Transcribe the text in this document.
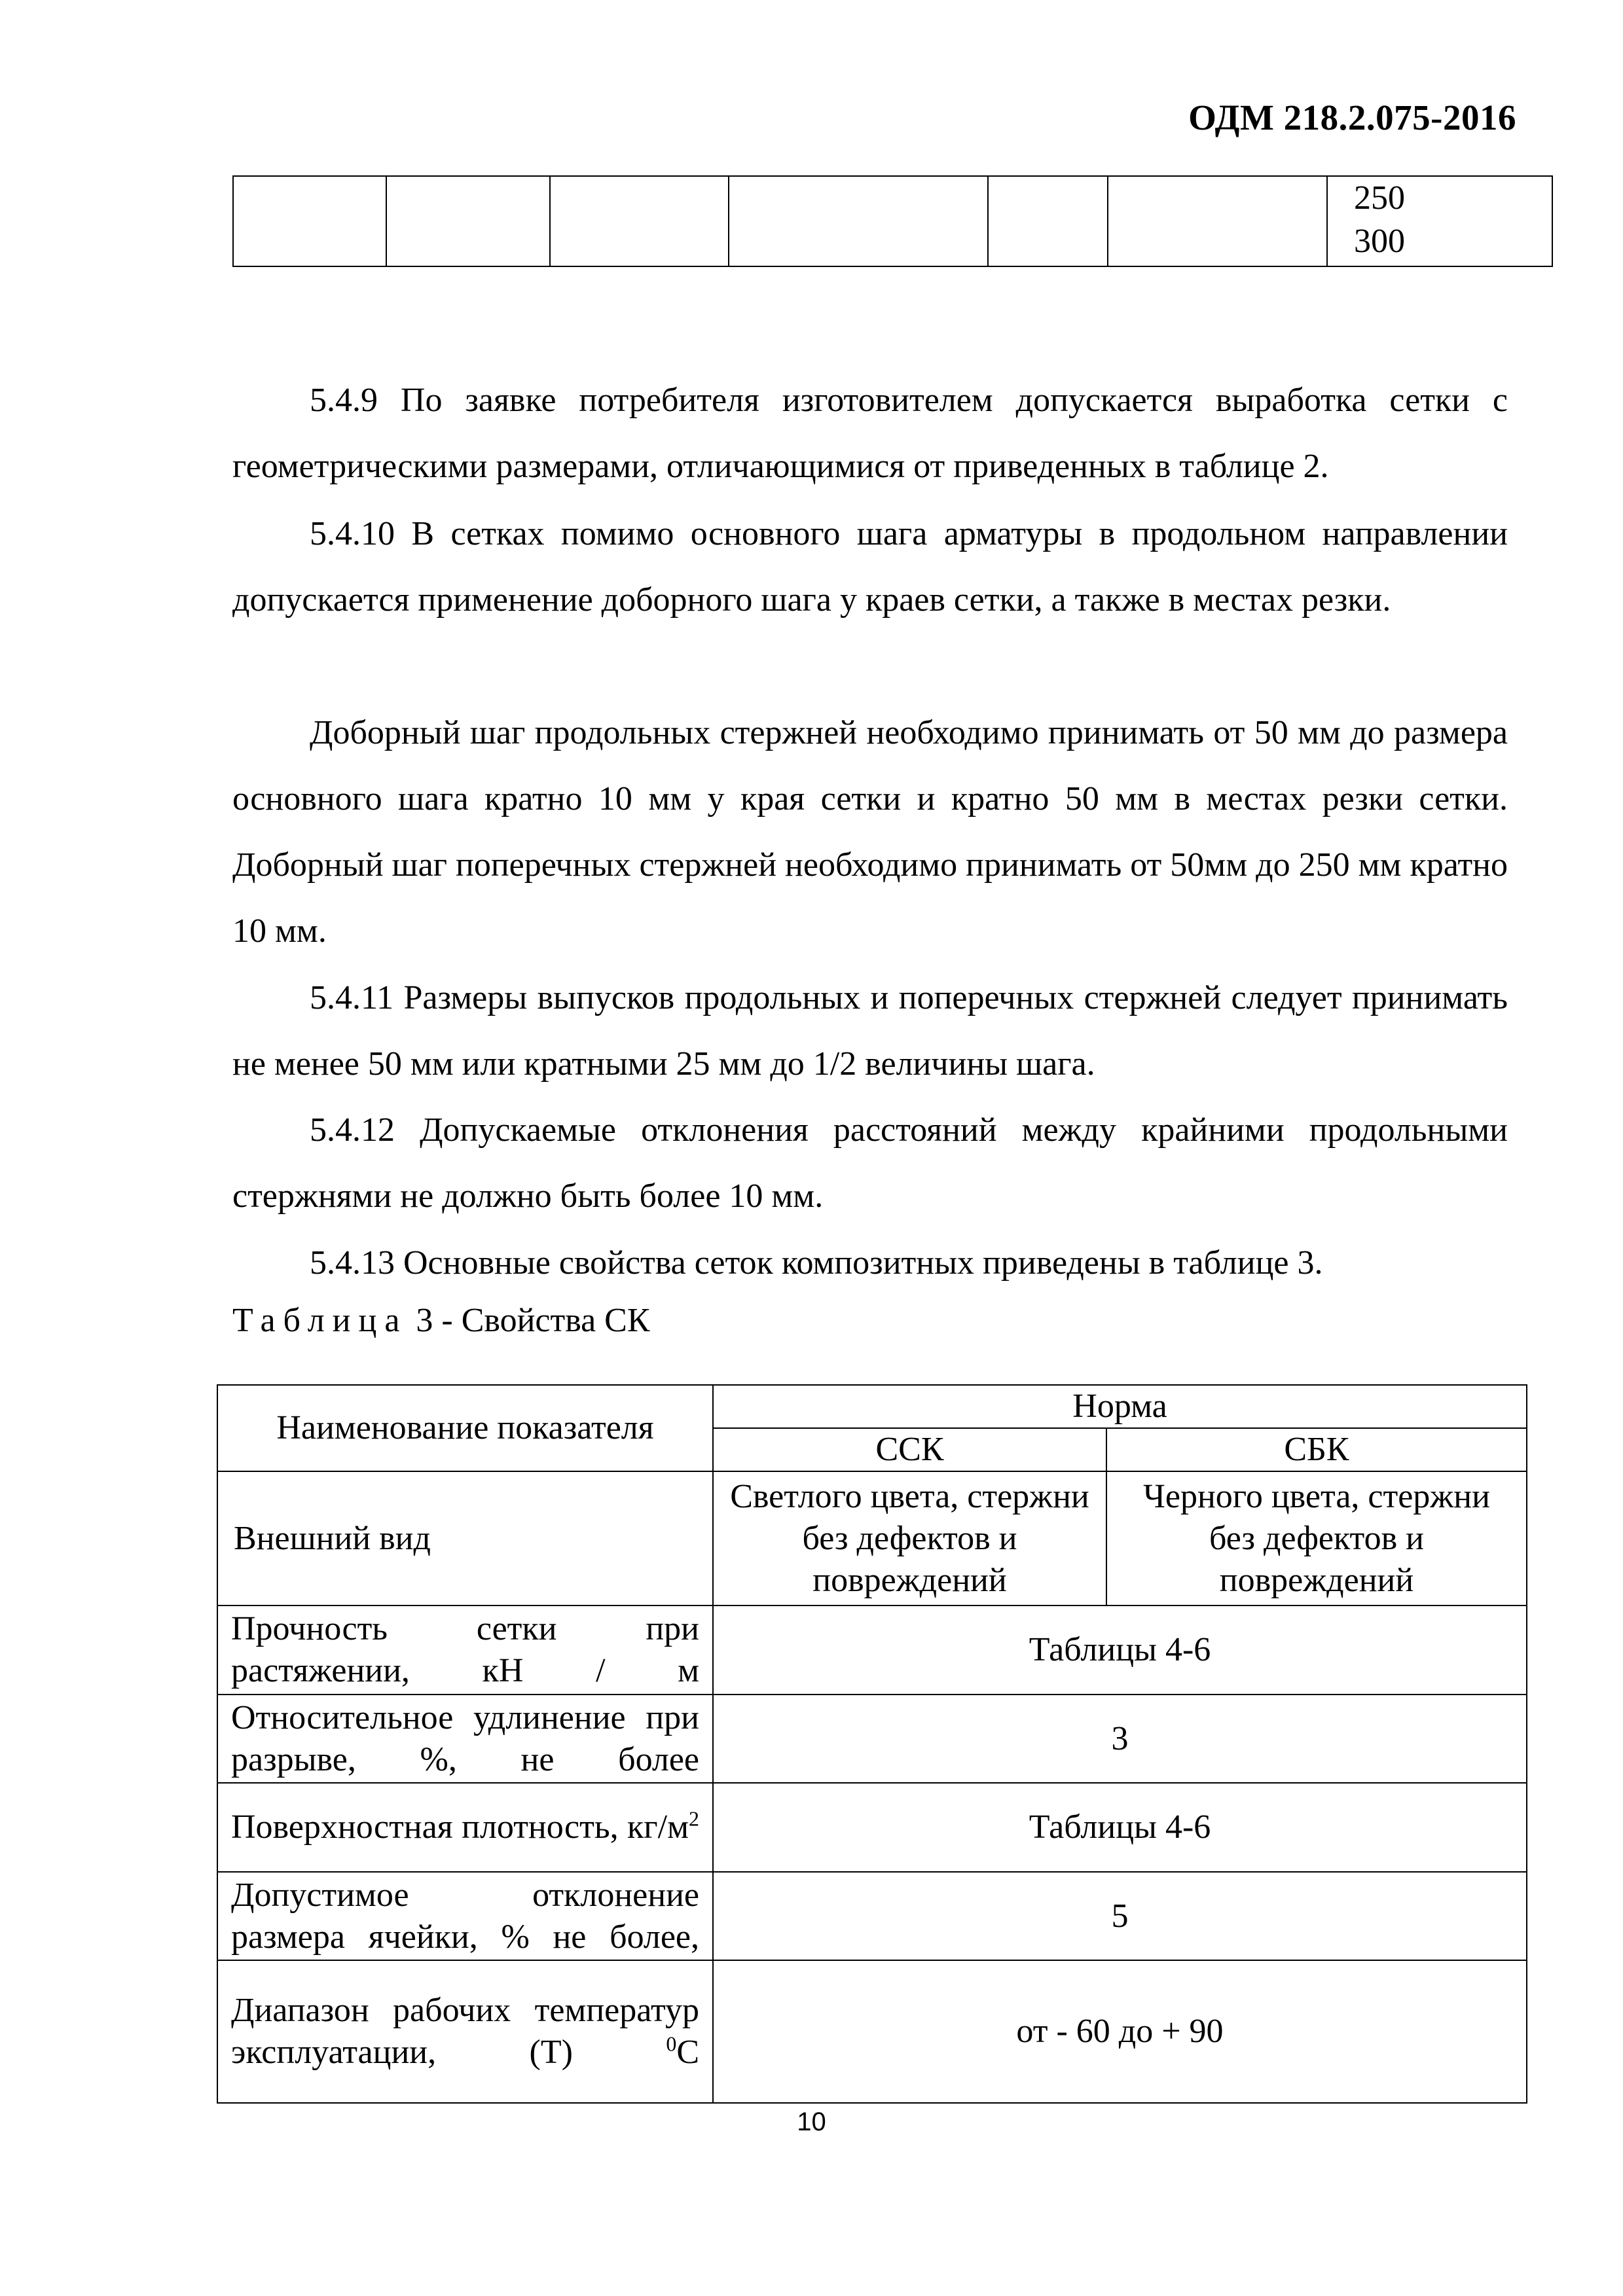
ОДМ 218.2.075-2016

250
300

5.4.9 По заявке потребителя изготовителем допускается выработка сетки с геометрическими размерами, отличающимися от приведенных в таблице 2.

5.4.10 В сетках помимо основного шага арматуры в продольном направлении допускается применение доборного шага у краев сетки, а также в местах резки.

Доборный шаг продольных стержней необходимо принимать от 50 мм до размера основного шага кратно 10 мм у края сетки и кратно 50 мм в местах резки сетки. Доборный шаг поперечных стержней необходимо принимать от 50мм до 250 мм кратно 10 мм.

5.4.11 Размеры выпусков продольных и поперечных стержней следует принимать не менее 50 мм или кратными 25 мм до 1/2 величины шага.

5.4.12 Допускаемые отклонения расстояний между крайними продольными стержнями не должно быть более 10 мм.

5.4.13 Основные свойства сеток композитных приведены в таблице 3.

Таблица 3 - Свойства СК
Наименование показателя	Норма	
	ССК	СБК
Внешний вид	Светлого цвета, стержни без дефектов и повреждений	Черного цвета, стержни без дефектов и повреждений
Прочность сетки при растяжении, кН / м	Таблицы 4-6	
Относительное удлинение при разрыве, %, не более	3	
Поверхностная плотность, $кг/м^2$	Таблицы 4-6	
Допустимое отклонение размера ячейки, % не более,	5	
Диапазон рабочих температур эксплуатации, (Т) $^0$С	от - 60 до + 90	
10
